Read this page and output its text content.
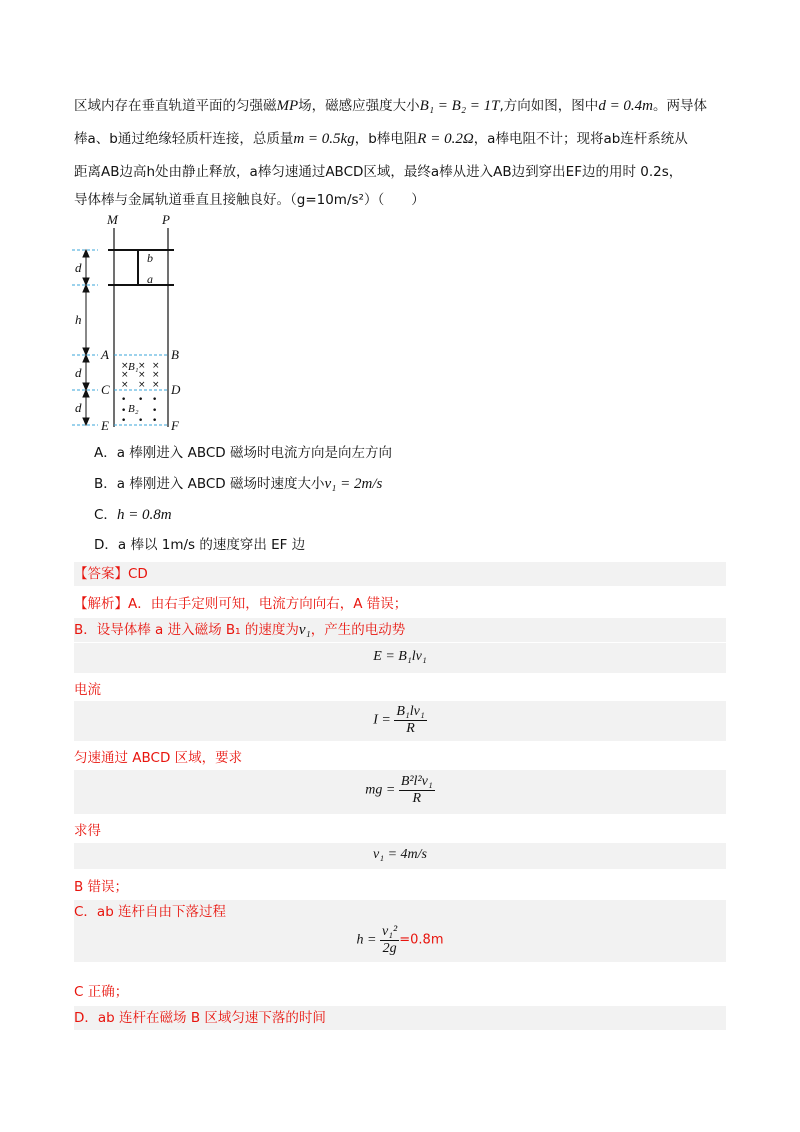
区域内存在垂直轨道平面的匀强磁MP场，磁感应强度大小B₁ = B₂ = 1T,方向如图，图中d = 0.4m。两导体
棒a、b通过绝缘轻质杆连接，总质量m = 0.5kg，b棒电阻R = 0.2Ω，a棒电阻不计；现将ab连杆系统从
距离AB边高h处由静止释放，a棒匀速通过ABCD区域，最终a棒从进入AB边到穿出EF边的用时 0.2s，
导体棒与金属轨道垂直且接触良好。（g=10m/s²）（　　）
M	P
b
a
d
h
d
d
A	B
C	D
E	F
B₁
B₂
× × ×
× × ×
× × ×
• • •
•	•
• • •
A．a 棒刚进入 ABCD 磁场时电流方向是向左方向
B．a 棒刚进入 ABCD 磁场时速度大小v₁ = 2m/s
C．h = 0.8m
D．a 棒以 1m/s 的速度穿出 EF 边
【答案】CD
【解析】A．由右手定则可知，电流方向向右，A 错误；
B．设导体棒 a 进入磁场 B₁ 的速度为v₁，产生的电动势
E = B₁lv₁
电流
$I = \frac{\text{B₁lv₁}}{R}$
匀速通过 ABCD 区域，要求
mg = $\frac{\text{B²l²v₁}}{R}$
求得
v₁ = 4m/s
B 错误；
C．ab 连杆自由下落过程
$h = \frac{\text{v₁²}}{2g} =0.8m$
C 正确；
D．ab 连杆在磁场 B 区域匀速下落的时间
